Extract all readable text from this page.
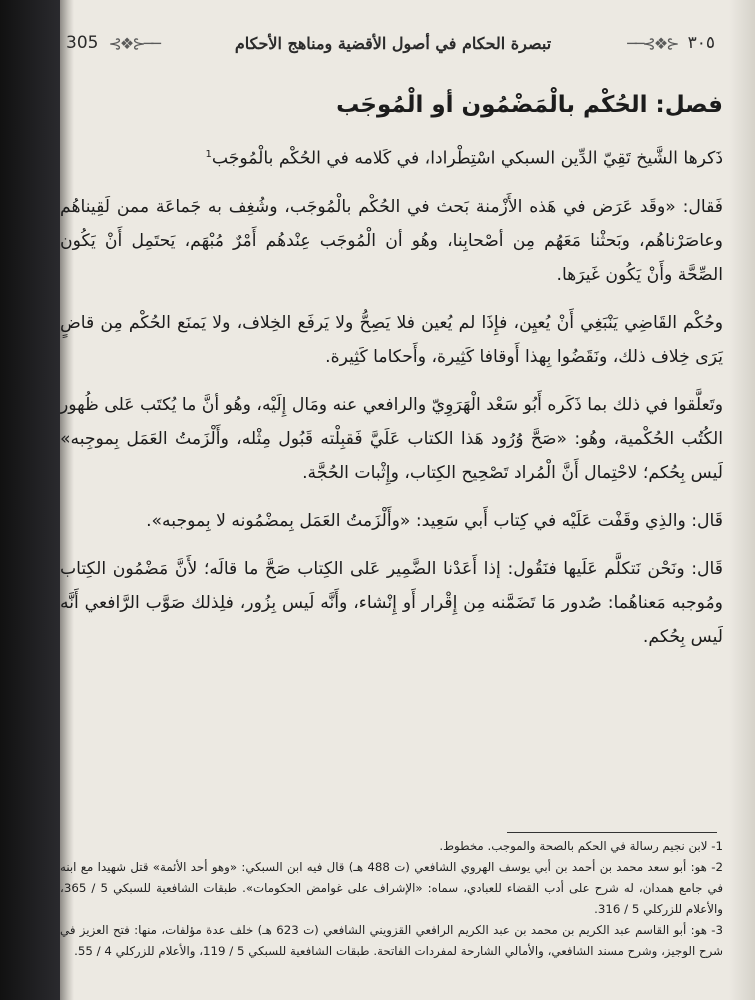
305 ⊰❖⊱──	تبصرة الحكام في أصول الأقضية ومناهج الأحكام	──⊰❖⊱ ٣٠٥
فصل: الحُكْم بالْمَضْمُون أو الْمُوجَب

ذَكرها الشَّيخ تَقِيّ الدِّين السبكي اسْتِطْرادا، في كَلامه في الحُكْم بالْمُوجَب$^1$

فَقال: «وقَد عَرَض في هَذه الأَزْمنة بَحث في الحُكْم بالْمُوجَب، وشُغِف به جَماعَة ممن لَقِيناهُم وعاصَرْناهُم، وبَحثْنا مَعَهُم مِن أصْحابِنا، وهُو أن الْمُوجَب عِنْدهُم أَمْرٌ مُبْهَم، يَحتَمِل أَنْ يَكُون الصِّحَّة وأَنْ يَكُون غَيرَها.

وحُكْم القَاضِي يَنْبَغِي أَنْ يُعيِن، فإِذَا لم يُعين فلا يَصِحُّ ولا يَرفَع الخِلاف، ولا يَمنَع الحُكْم مِن قاضٍ يَرَى خِلاف ذلك، ونَقَضُوا بِهذا أَوقافا كَثِيرة، وأَحكاما كَثِيرة.

وتَعلَّقوا في ذلك بما ذَكَره أَبُو سَعْد الْهَرَوِيّ والرافعي عنه ومَال إِلَيْه، وهُو أنَّ ما يُكتَب عَلى ظُهور الكُتُب الحُكْمية، وهُو: «صَحَّ وُرُود هَذا الكتاب عَلَيَّ فَقبِلْته قَبُول مِثْله، وأَلْزَمتُ العَمَل بِموجِبه» لَيس بِحُكم؛ لاحْتِمال أَنَّ الْمُراد تَصْحِيح الكِتاب، وإِثْبات الحُجَّة.

قَال: والذِي وقَفْت عَلَيْه في كِتاب أَبي سَعِيد: «وأَلْزَمتُ العَمَل بِمضْمُونه لا بِموجبه».

قَال: ونَحْن نَتكلَّم عَلَيها فنَقُول: إذا أَعَدْنا الضَّمِير عَلى الكِتاب صَحَّ ما قالَه؛ لأَنَّ مَضْمُون الكِتاب ومُوجبه مَعناهُما: صُدور مَا تَضَمَّنه مِن إِقْرار أَو إِنْشاء، وأَنَّه لَيس بِزُور، فلِذلك صَوَّب الرَّافعي أَنَّه لَيس بِحُكم.

1- لابن نجيم رسالة في الحكم بالصحة والموجب. مخطوط.

2- هو: أبو سعد محمد بن أحمد بن أبي يوسف الهروي الشافعي (ت 488 هـ) قال فيه ابن السبكي: «وهو أحد الأئمة» قتل شهيدا مع ابنه في جامع همدان، له شرح على أدب القضاء للعبادي، سماه: «الإشراف على غوامض الحكومات». طبقات الشافعية للسبكي 5 / 365، والأعلام للزركلي 5 / 316.

3- هو: أبو القاسم عبد الكريم بن محمد بن عبد الكريم الرافعي القزويني الشافعي (ت 623 هـ) خلف عدة مؤلفات، منها: فتح العزيز في شرح الوجيز، وشرح مسند الشافعي، والأمالي الشارحة لمفردات الفاتحة. طبقات الشافعية للسبكي 5 / 119، والأعلام للزركلي 4 / 55.
